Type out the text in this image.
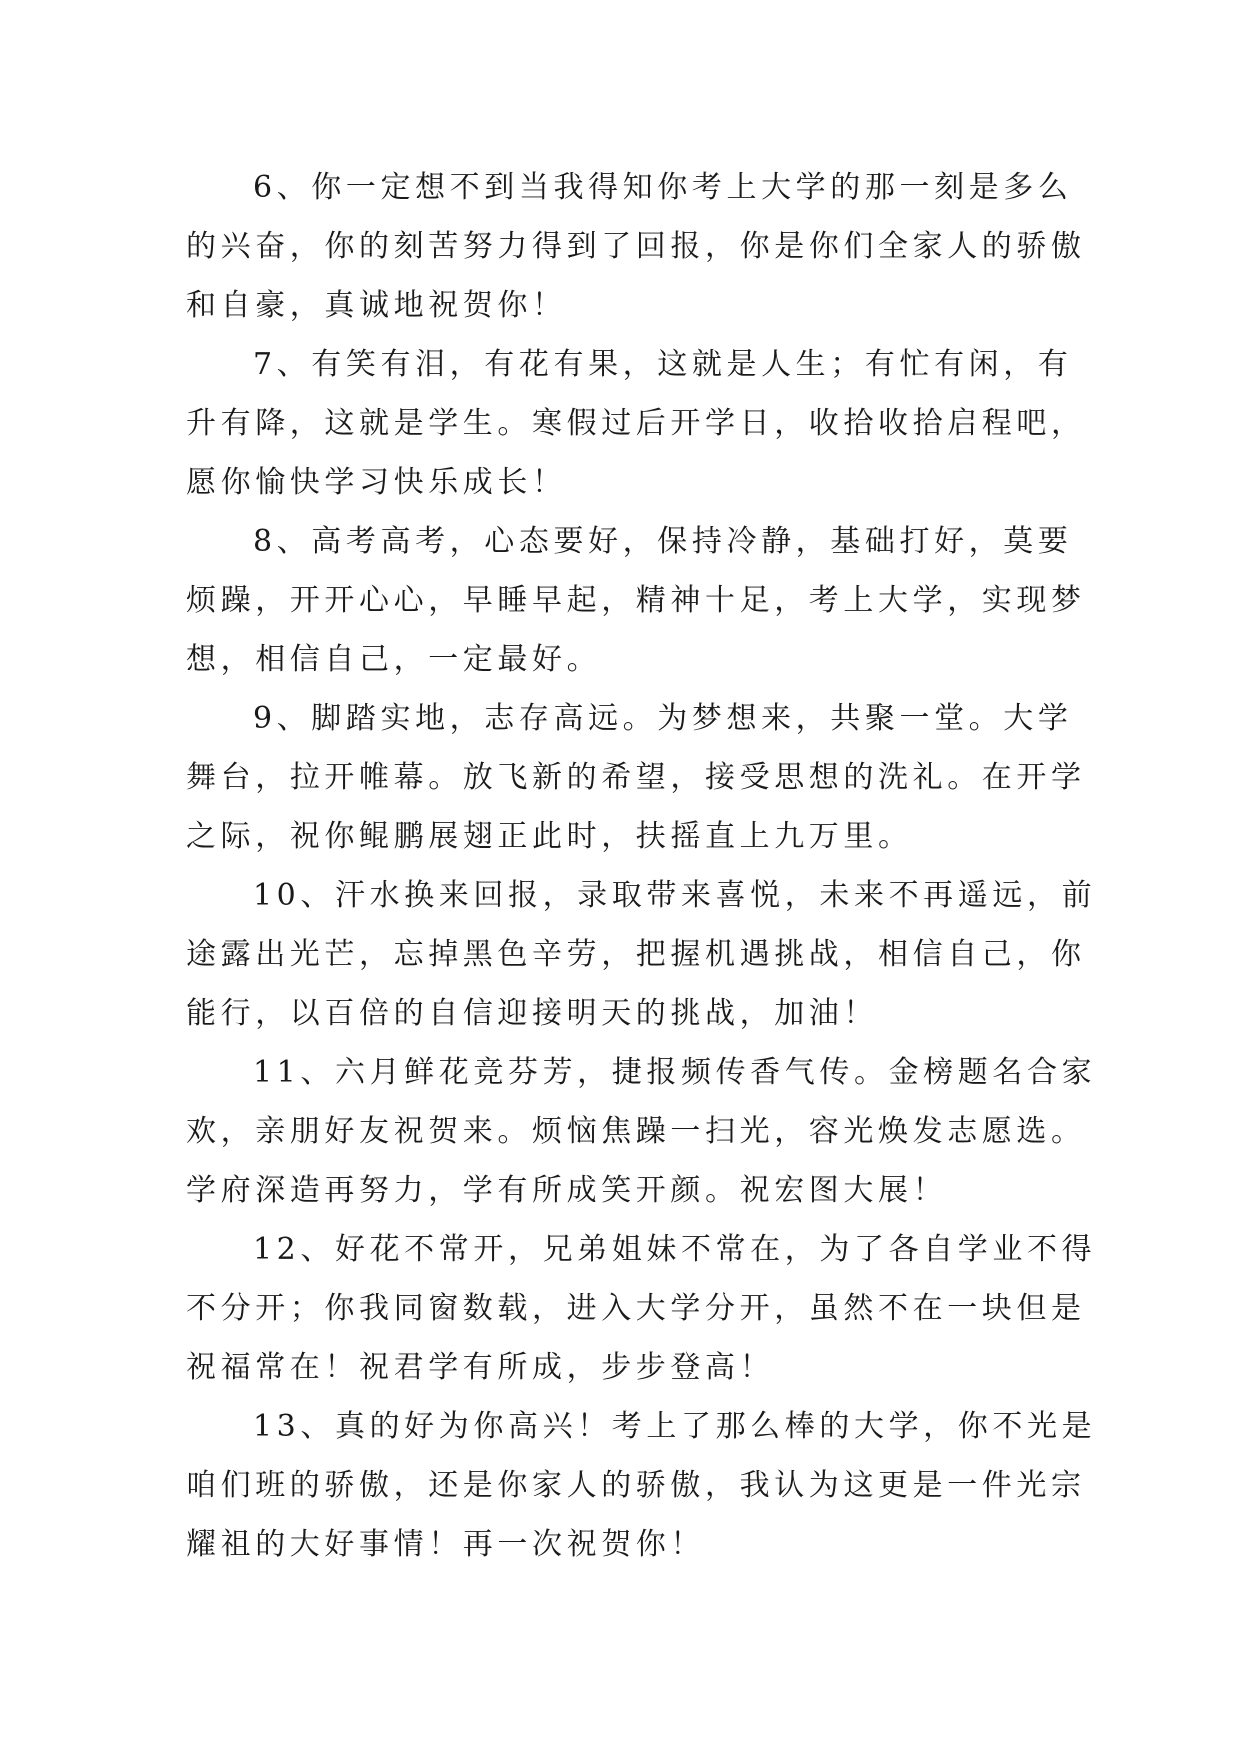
6、你一定想不到当我得知你考上大学的那一刻是多么
的兴奋，你的刻苦努力得到了回报，你是你们全家人的骄傲
和自豪，真诚地祝贺你！

7、有笑有泪，有花有果，这就是人生；有忙有闲，有
升有降，这就是学生。寒假过后开学日，收拾收拾启程吧，
愿你愉快学习快乐成长！

8、高考高考，心态要好，保持冷静，基础打好，莫要
烦躁，开开心心，早睡早起，精神十足，考上大学，实现梦
想，相信自己，一定最好。

9、脚踏实地，志存高远。为梦想来，共聚一堂。大学
舞台，拉开帷幕。放飞新的希望，接受思想的洗礼。在开学
之际，祝你鲲鹏展翅正此时，扶摇直上九万里。

10、汗水换来回报，录取带来喜悦，未来不再遥远，前
途露出光芒，忘掉黑色辛劳，把握机遇挑战，相信自己，你
能行，以百倍的自信迎接明天的挑战，加油！

11、六月鲜花竞芬芳，捷报频传香气传。金榜题名合家
欢，亲朋好友祝贺来。烦恼焦躁一扫光，容光焕发志愿选。
学府深造再努力，学有所成笑开颜。祝宏图大展！

12、好花不常开，兄弟姐妹不常在，为了各自学业不得
不分开；你我同窗数载，进入大学分开，虽然不在一块但是
祝福常在！祝君学有所成，步步登高！

13、真的好为你高兴！考上了那么棒的大学，你不光是
咱们班的骄傲，还是你家人的骄傲，我认为这更是一件光宗
耀祖的大好事情！再一次祝贺你！
